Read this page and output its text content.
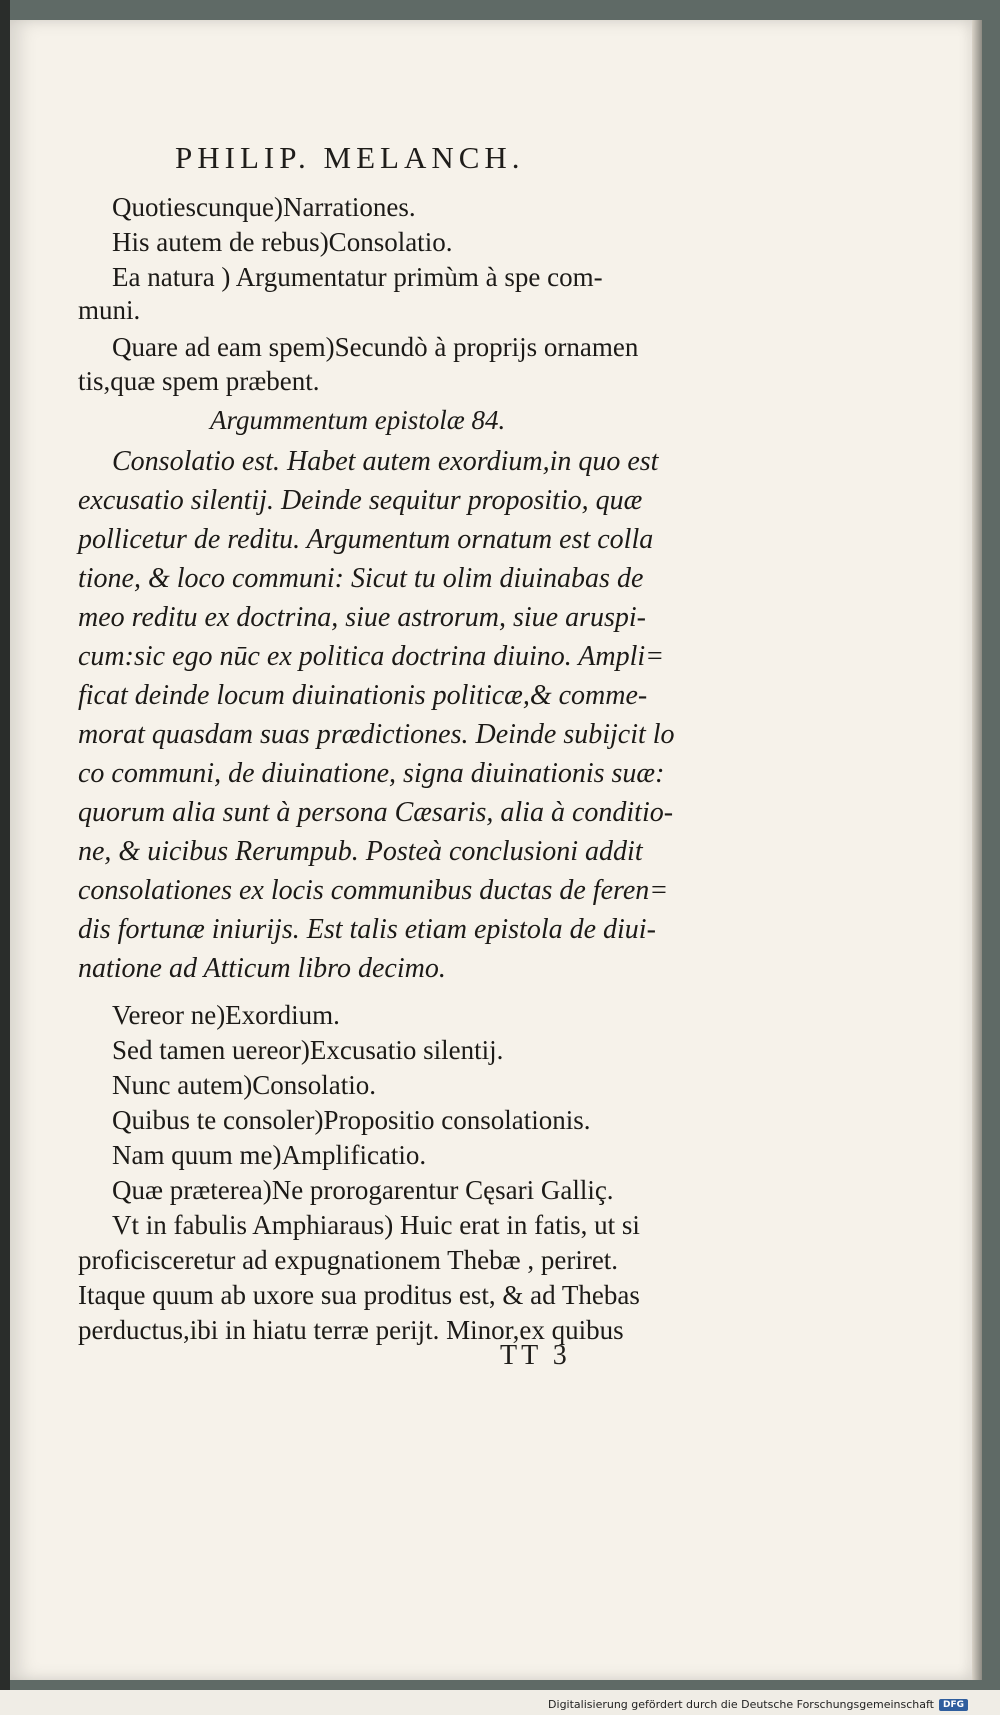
PHILIP. MELANCH.
Quotiescunque)Narrationes.
His autem de rebus)Consolatio.
Ea natura ) Argumentatur primùm à spe com-
muni.
Quare ad eam spem)Secundò à proprijs ornamen
tis,quæ spem præbent.
Argummentum epistolæ 84.
Consolatio est. Habet autem exordium,in quo est
excusatio silentij. Deinde sequitur propositio, quæ
pollicetur de reditu. Argumentum ornatum est colla
tione, & loco communi: Sicut tu olim diuinabas de
meo reditu ex doctrina, siue astrorum, siue aruspi-
cum:sic ego nūc ex politica doctrina diuino. Ampli=
ficat deinde locum diuinationis politicæ,& comme-
morat quasdam suas prædictiones. Deinde subijcit lo
co communi, de diuinatione, signa diuinationis suæ:
quorum alia sunt à persona Cæsaris, alia à conditio-
ne, & uicibus Rerumpub. Posteà conclusioni addit
consolationes ex locis communibus ductas de feren=
dis fortunæ iniurijs. Est talis etiam epistola de diui-
natione ad Atticum libro decimo.
Vereor ne)Exordium.
Sed tamen uereor)Excusatio silentij.
Nunc autem)Consolatio.
Quibus te consoler)Propositio consolationis.
Nam quum me)Amplificatio.
Quæ præterea)Ne prorogarentur Cęsari Galliç.
Vt in fabulis Amphiaraus) Huic erat in fatis, ut si
proficisceretur ad expugnationem Thebæ , periret.
Itaque quum ab uxore sua proditus est, & ad Thebas
perductus,ibi in hiatu terræ perijt. Minor,ex quibus
TT 3
Digitalisierung gefördert durch die Deutsche Forschungsgemeinschaft	DFG
